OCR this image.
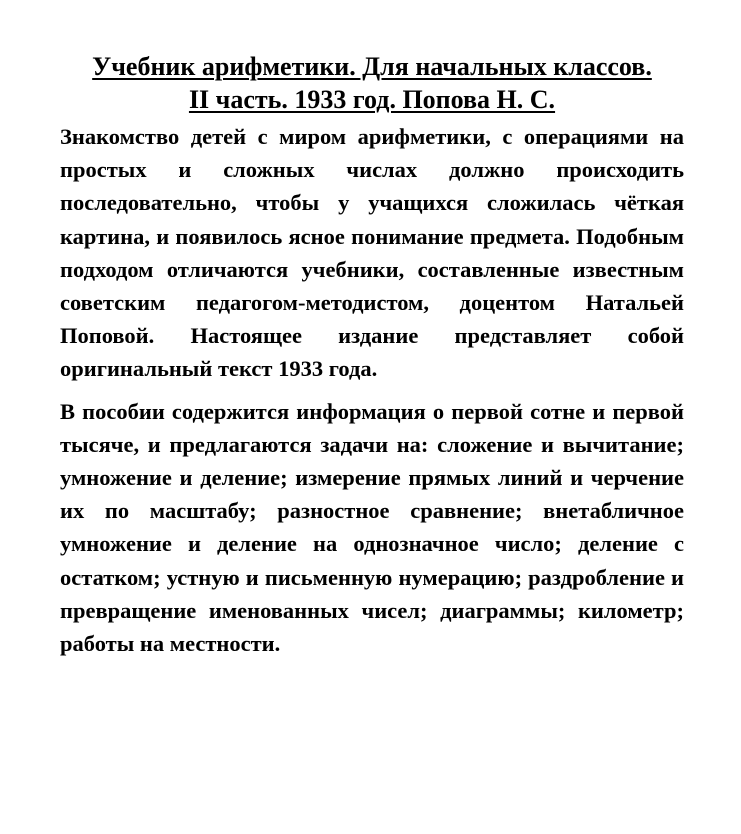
Учебник арифметики. Для начальных классов. II часть. 1933 год. Попова Н. С.

Знакомство детей с миром арифметики, с операциями на простых и сложных числах должно происходить последовательно, чтобы у учащихся сложилась чёткая картина, и появилось ясное понимание предмета. Подобным подходом отличаются учебники, составленные известным советским педагогом-методистом, доцентом Натальей Поповой. Настоящее издание представляет собой оригинальный текст 1933 года.

В пособии содержится информация о первой сотне и первой тысяче, и предлагаются задачи на: сложение и вычитание; умножение и деление; измерение прямых линий и черчение их по масштабу; разностное сравнение; внетабличное умножение и деление на однозначное число; деление с остатком; устную и письменную нумерацию; раздробление и превращение именованных чисел; диаграммы; километр; работы на местности.
